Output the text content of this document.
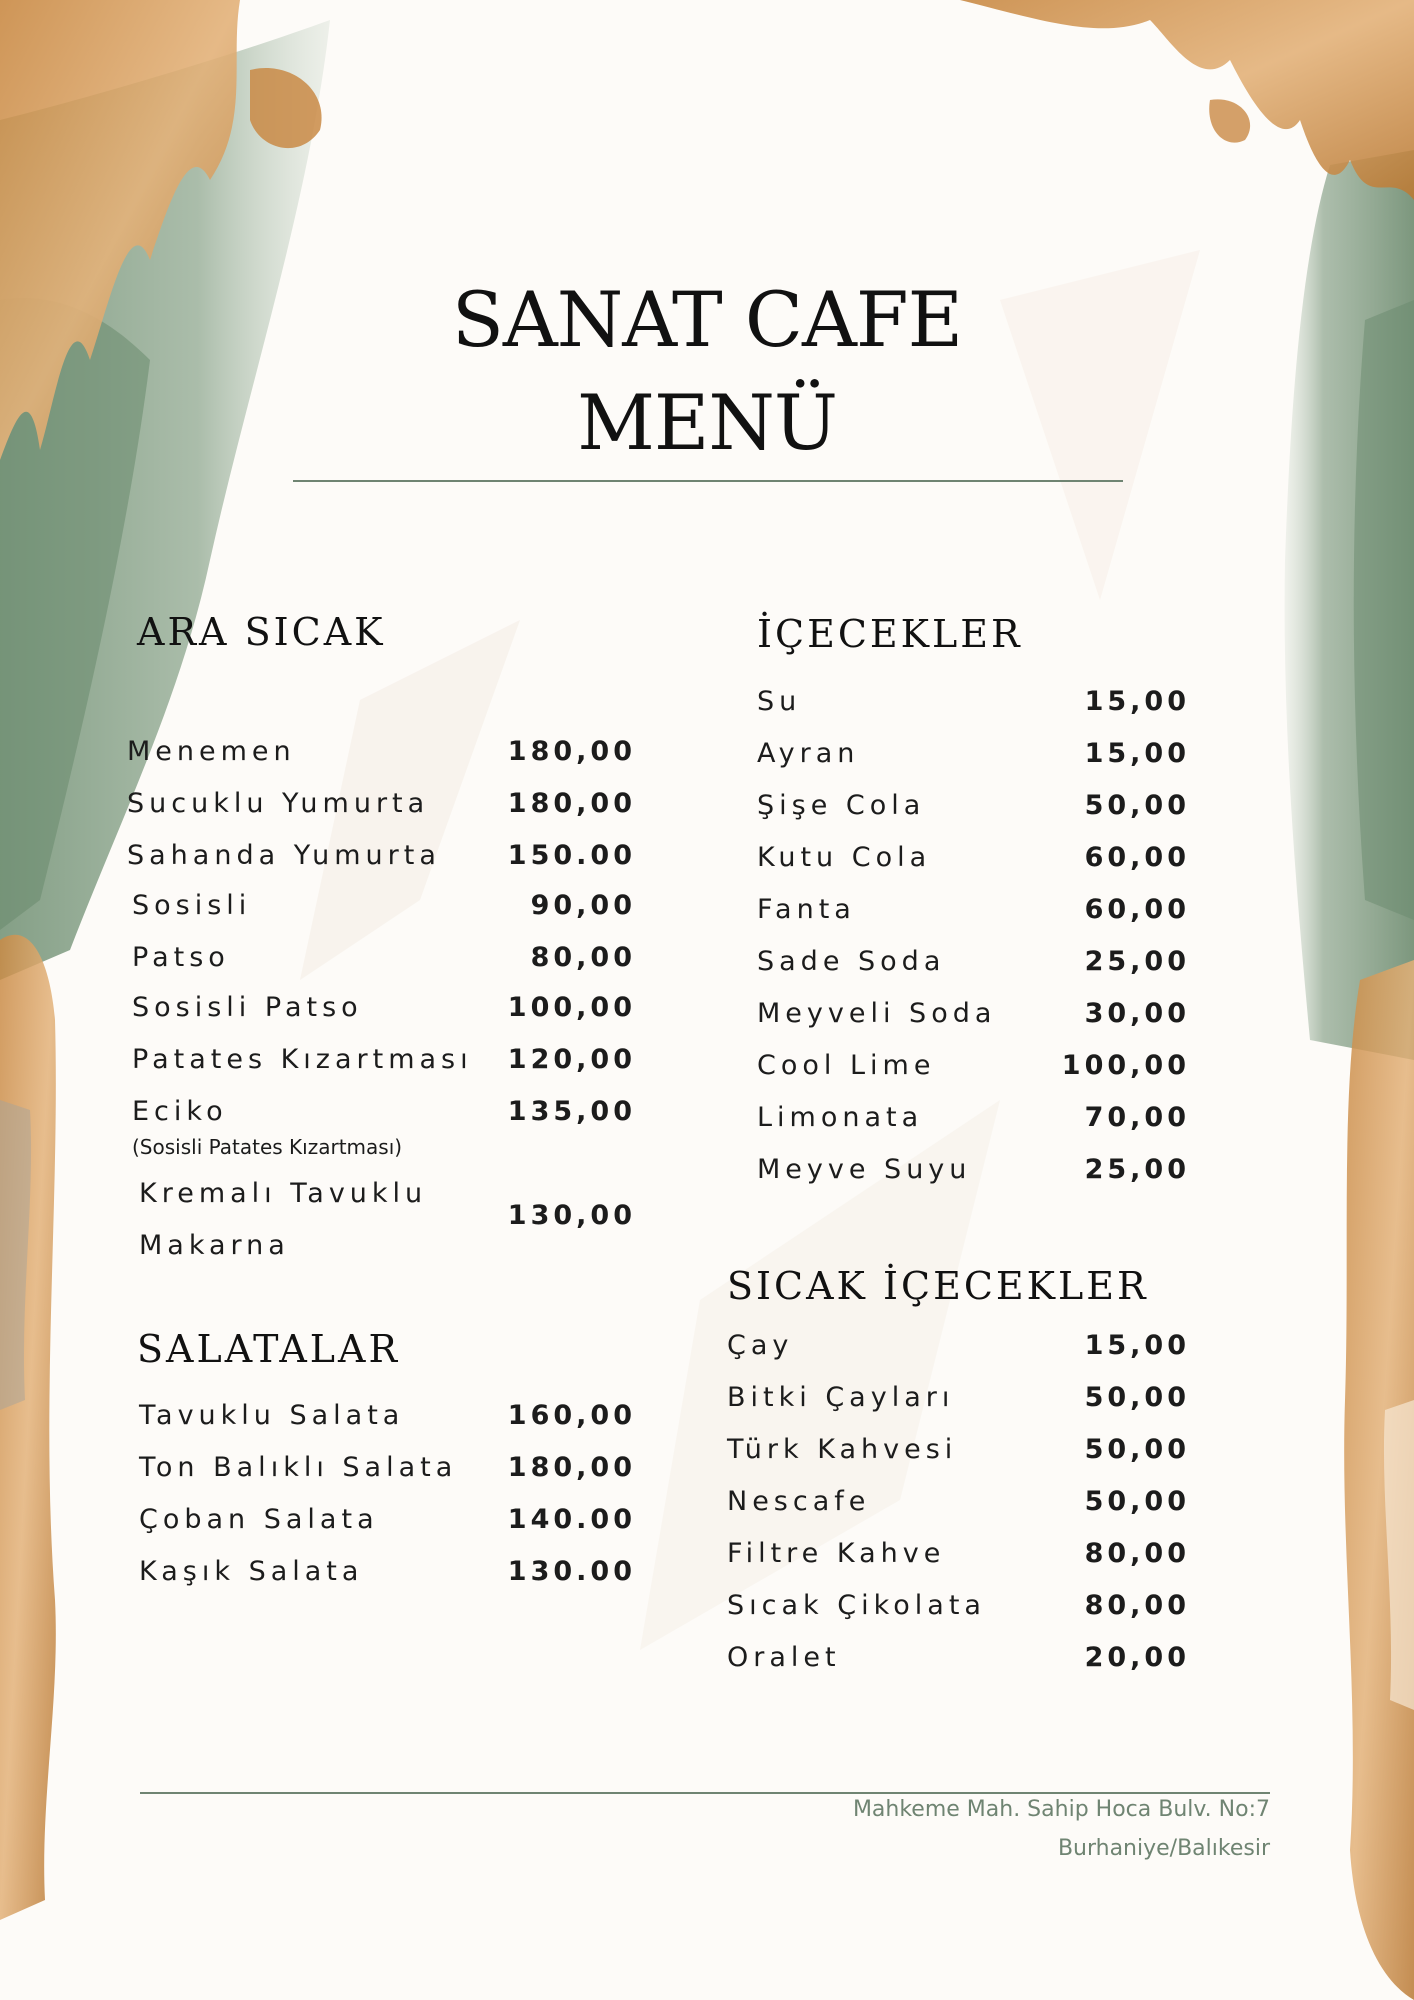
SANAT CAFE
MENÜ
ARA SICAK
Menemen	180,00
Sucuklu Yumurta	180,00
Sahanda Yumurta 150.00
Sosisli	90,00
Patso	80,00
Sosisli Patso	100,00
Patates Kızartması 120,00
Eciko
(Sosisli Patates Kızartması)
135,00
Kremalı Tavuklu
Makarna
130,00
SALATALAR
Tavuklu Salata	160,00
Ton Balıklı Salata 180,00
Çoban Salata	140.00
Kaşık Salata	130.00
İÇECEKLER
Su	15,00
Ayran	15,00
Şişe Cola	50,00
Kutu Cola	60,00
Fanta	60,00
Sade Soda	25,00
Meyveli Soda	30,00
Cool Lime	100,00
Limonata	70,00
Meyve Suyu	25,00
SICAK İÇECEKLER
Çay	15,00
Bitki Çayları	50,00
Türk Kahvesi	50,00
Nescafe	50,00
Filtre Kahve	80,00
Sıcak Çikolata	80,00
Oralet	20,00
Mahkeme Mah. Sahip Hoca Bulv. No:7
Burhaniye/Balıkesir
